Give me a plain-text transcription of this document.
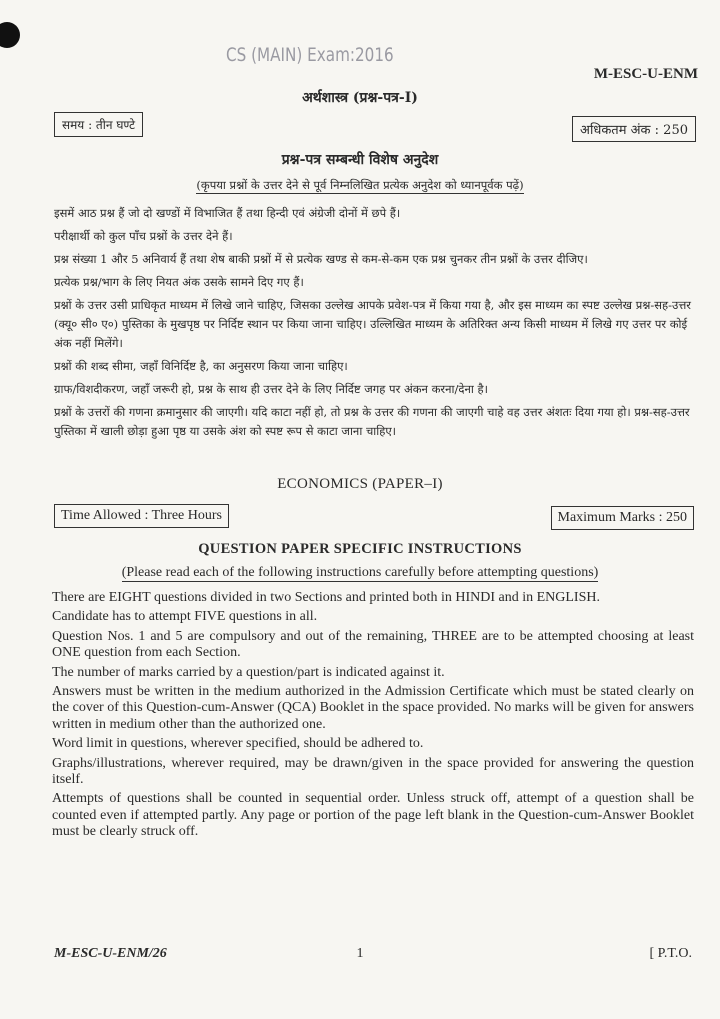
CS (MAIN) Exam:2016
M-ESC-U-ENM
अर्थशास्त्र (प्रश्न-पत्र-I)
समय : तीन घण्टे	अधिकतम अंक : 250
प्रश्न-पत्र सम्बन्धी विशेष अनुदेश
(कृपया प्रश्नों के उत्तर देने से पूर्व निम्नलिखित प्रत्येक अनुदेश को ध्यानपूर्वक पढ़ें)

इसमें आठ प्रश्न हैं जो दो खण्डों में विभाजित हैं तथा हिन्दी एवं अंग्रेजी दोनों में छपे हैं।

परीक्षार्थी को कुल पाँच प्रश्नों के उत्तर देने हैं।

प्रश्न संख्या 1 और 5 अनिवार्य हैं तथा शेष बाकी प्रश्नों में से प्रत्येक खण्ड से कम-से-कम एक प्रश्न चुनकर तीन प्रश्नों के उत्तर दीजिए।

प्रत्येक प्रश्न/भाग के लिए नियत अंक उसके सामने दिए गए हैं।

प्रश्नों के उत्तर उसी प्राधिकृत माध्यम में लिखे जाने चाहिए, जिसका उल्लेख आपके प्रवेश-पत्र में किया गया है, और इस माध्यम का स्पष्ट उल्लेख प्रश्न-सह-उत्तर (क्यू० सी० ए०) पुस्तिका के मुखपृष्ठ पर निर्दिष्ट स्थान पर किया जाना चाहिए। उल्लिखित माध्यम के अतिरिक्त अन्य किसी माध्यम में लिखे गए उत्तर पर कोई अंक नहीं मिलेंगे।

प्रश्नों की शब्द सीमा, जहाँ विनिर्दिष्ट है, का अनुसरण किया जाना चाहिए।

ग्राफ/विशदीकरण, जहाँ जरूरी हो, प्रश्न के साथ ही उत्तर देने के लिए निर्दिष्ट जगह पर अंकन करना/देना है।

प्रश्नों के उत्तरों की गणना क्रमानुसार की जाएगी। यदि काटा नहीं हो, तो प्रश्न के उत्तर की गणना की जाएगी चाहे वह उत्तर अंशतः दिया गया हो। प्रश्न-सह-उत्तर पुस्तिका में खाली छोड़ा हुआ पृष्ठ या उसके अंश को स्पष्ट रूप से काटा जाना चाहिए।

ECONOMICS (PAPER–I)
Time Allowed : Three Hours	Maximum Marks : 250
QUESTION PAPER SPECIFIC INSTRUCTIONS
(Please read each of the following instructions carefully before attempting questions)

There are EIGHT questions divided in two Sections and printed both in HINDI and in ENGLISH.

Candidate has to attempt FIVE questions in all.

Question Nos. 1 and 5 are compulsory and out of the remaining, THREE are to be attempted choosing at least ONE question from each Section.

The number of marks carried by a question/part is indicated against it.

Answers must be written in the medium authorized in the Admission Certificate which must be stated clearly on the cover of this Question-cum-Answer (QCA) Booklet in the space provided. No marks will be given for answers written in medium other than the authorized one.

Word limit in questions, wherever specified, should be adhered to.

Graphs/illustrations, wherever required, may be drawn/given in the space provided for answering the question itself.

Attempts of questions shall be counted in sequential order. Unless struck off, attempt of a question shall be counted even if attempted partly. Any page or portion of the page left blank in the Question-cum-Answer Booklet must be clearly struck off.

M-ESC-U-ENM/26	1	[ P.T.O.
